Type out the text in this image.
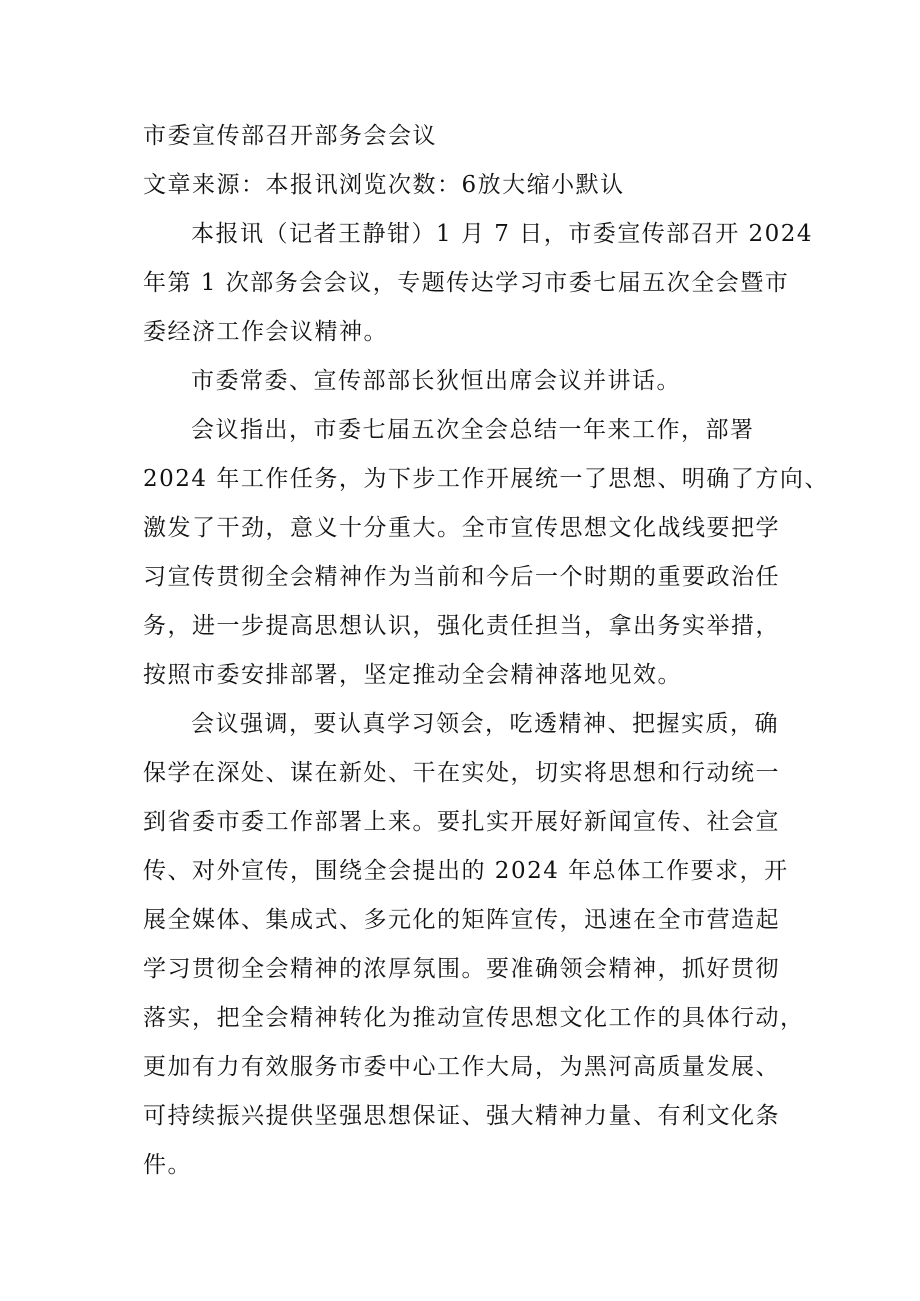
市委宣传部召开部务会会议
文章来源： 本报讯 浏览次数： 6 放大 缩小 默认
本报讯（记者王静钳）1 月 7 日，市委宣传部召开 2024
年第 1 次部务会会议，专题传达学习市委七届五次全会暨市
委经济工作会议精神。
市委常委、宣传部部长狄恒出席会议并讲话。
会议指出，市委七届五次全会总结一年来工作，部署
2024 年工作任务，为下步工作开展统一了思想、明确了方向、
激发了干劲，意义十分重大。全市宣传思想文化战线要把学
习宣传贯彻全会精神作为当前和今后一个时期的重要政治任
务，进一步提高思想认识，强化责任担当，拿出务实举措，
按照市委安排部署，坚定推动全会精神落地见效。
会议强调，要认真学习领会，吃透精神、把握实质，确
保学在深处、谋在新处、干在实处，切实将思想和行动统一
到省委市委工作部署上来。要扎实开展好新闻宣传、社会宣
传、对外宣传，围绕全会提出的 2024 年总体工作要求，开
展全媒体、集成式、多元化的矩阵宣传，迅速在全市营造起
学习贯彻全会精神的浓厚氛围。要准确领会精神，抓好贯彻
落实，把全会精神转化为推动宣传思想文化工作的具体行动，
更加有力有效服务市委中心工作大局，为黑河高质量发展、
可持续振兴提供坚强思想保证、强大精神力量、有利文化条
件。
